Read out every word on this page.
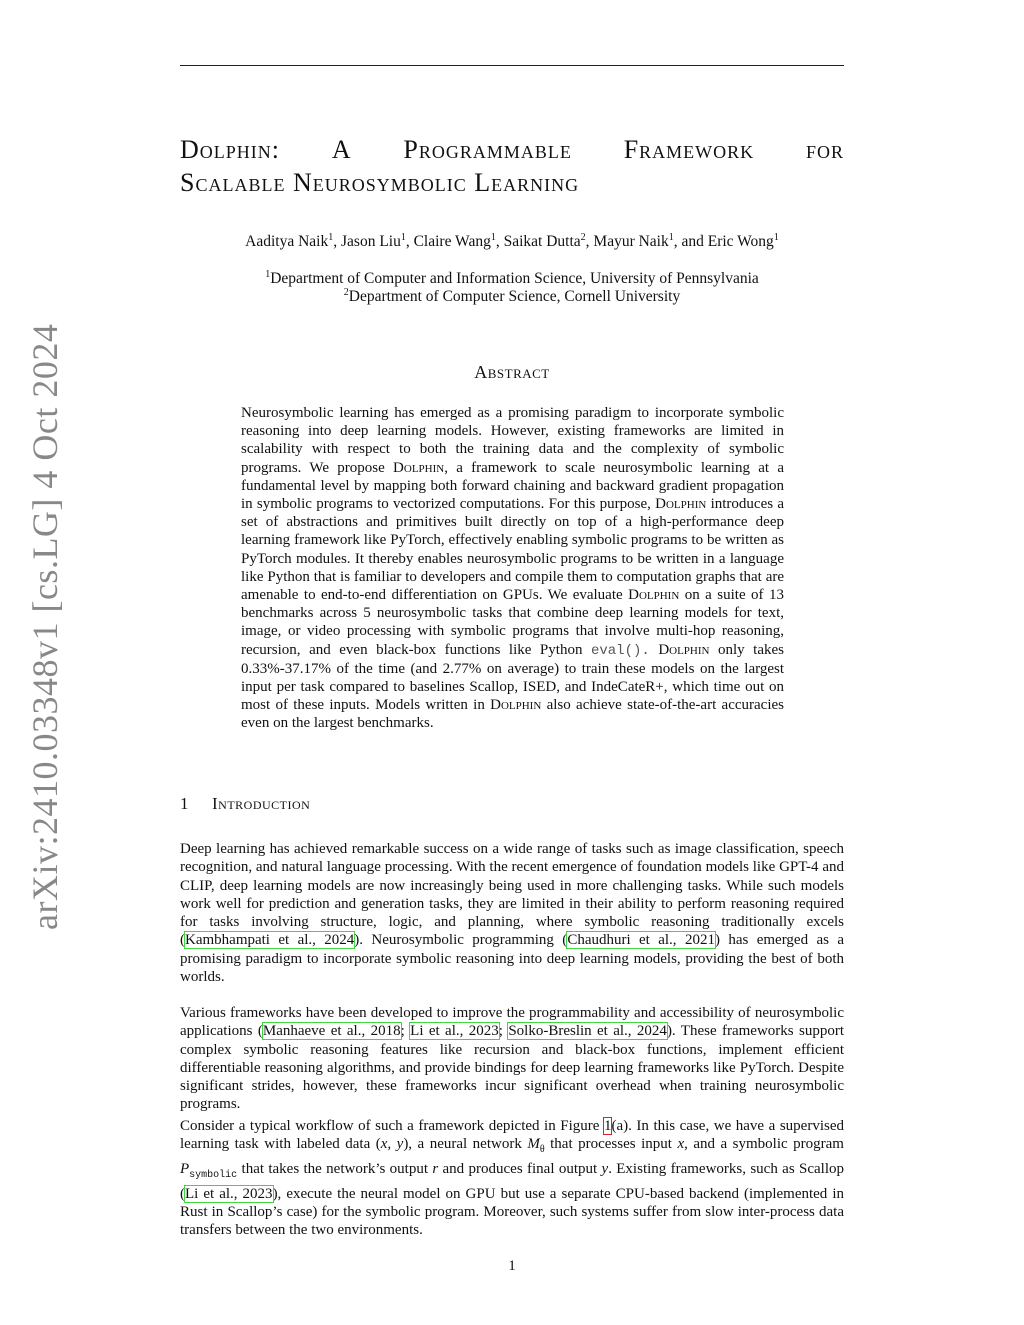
Dolphin: A Programmable Framework for
Scalable Neurosymbolic Learning
Aaditya Naik$^1$, Jason Liu$^1$, Claire Wang$^1$, Saikat Dutta$^2$, Mayur Naik$^1$, and Eric Wong$^1$
$^1$Department of Computer and Information Science, University of Pennsylvania
$^2$Department of Computer Science, Cornell University
arXiv:2410.03348v1 [cs.LG] 4 Oct 2024	Abstract
Neurosymbolic learning has emerged as a promising paradigm to incorporate symbolic reasoning into deep learning models. However, existing frameworks are limited in scalability with respect to both the training data and the complexity of symbolic programs. We propose Dolphin, a framework to scale neurosymbolic learning at a fundamental level by mapping both forward chaining and backward gradient propagation in symbolic programs to vectorized computations. For this purpose, Dolphin introduces a set of abstractions and primitives built directly on top of a high-performance deep learning framework like PyTorch, effectively enabling symbolic programs to be written as PyTorch modules. It thereby enables neurosymbolic programs to be written in a language like Python that is familiar to developers and compile them to computation graphs that are amenable to end-to-end differentiation on GPUs. We evaluate Dolphin on a suite of 13 benchmarks across 5 neurosymbolic tasks that combine deep learning models for text, image, or video processing with symbolic programs that involve multi-hop reasoning, recursion, and even black-box functions like Python eval(). Dolphin only takes 0.33%-37.17% of the time (and 2.77% on average) to train these models on the largest input per task compared to baselines Scallop, ISED, and IndeCateR+, which time out on most of these inputs. Models written in Dolphin also achieve state-of-the-art accuracies even on the largest benchmarks.
1 Introduction

Deep learning has achieved remarkable success on a wide range of tasks such as image classification, speech recognition, and natural language processing. With the recent emergence of foundation models like GPT-4 and CLIP, deep learning models are now increasingly being used in more challenging tasks. While such models work well for prediction and generation tasks, they are limited in their ability to perform reasoning required for tasks involving structure, logic, and planning, where symbolic reasoning traditionally excels (Kambhampati et al., 2024). Neurosymbolic programming (Chaudhuri et al., 2021) has emerged as a promising paradigm to incorporate symbolic reasoning into deep learning models, providing the best of both worlds.

Various frameworks have been developed to improve the programmability and accessibility of neurosymbolic applications (Manhaeve et al., 2018; Li et al., 2023; Solko-Breslin et al., 2024). These frameworks support complex symbolic reasoning features like recursion and black-box functions, implement efficient differentiable reasoning algorithms, and provide bindings for deep learning frameworks like PyTorch. Despite significant strides, however, these frameworks incur significant overhead when training neurosymbolic programs.

Consider a typical workflow of such a framework depicted in Figure 1(a). In this case, we have a supervised learning task with labeled data (x, y), a neural network $M_\theta$ that processes input x, and a symbolic program $P_{symbolic}$ that takes the network’s output r and produces final output y. Existing frameworks, such as Scallop (Li et al., 2023), execute the neural model on GPU but use a separate CPU-based backend (implemented in Rust in Scallop’s case) for the symbolic program. Moreover, such systems suffer from slow inter-process data transfers between the two environments.

1
